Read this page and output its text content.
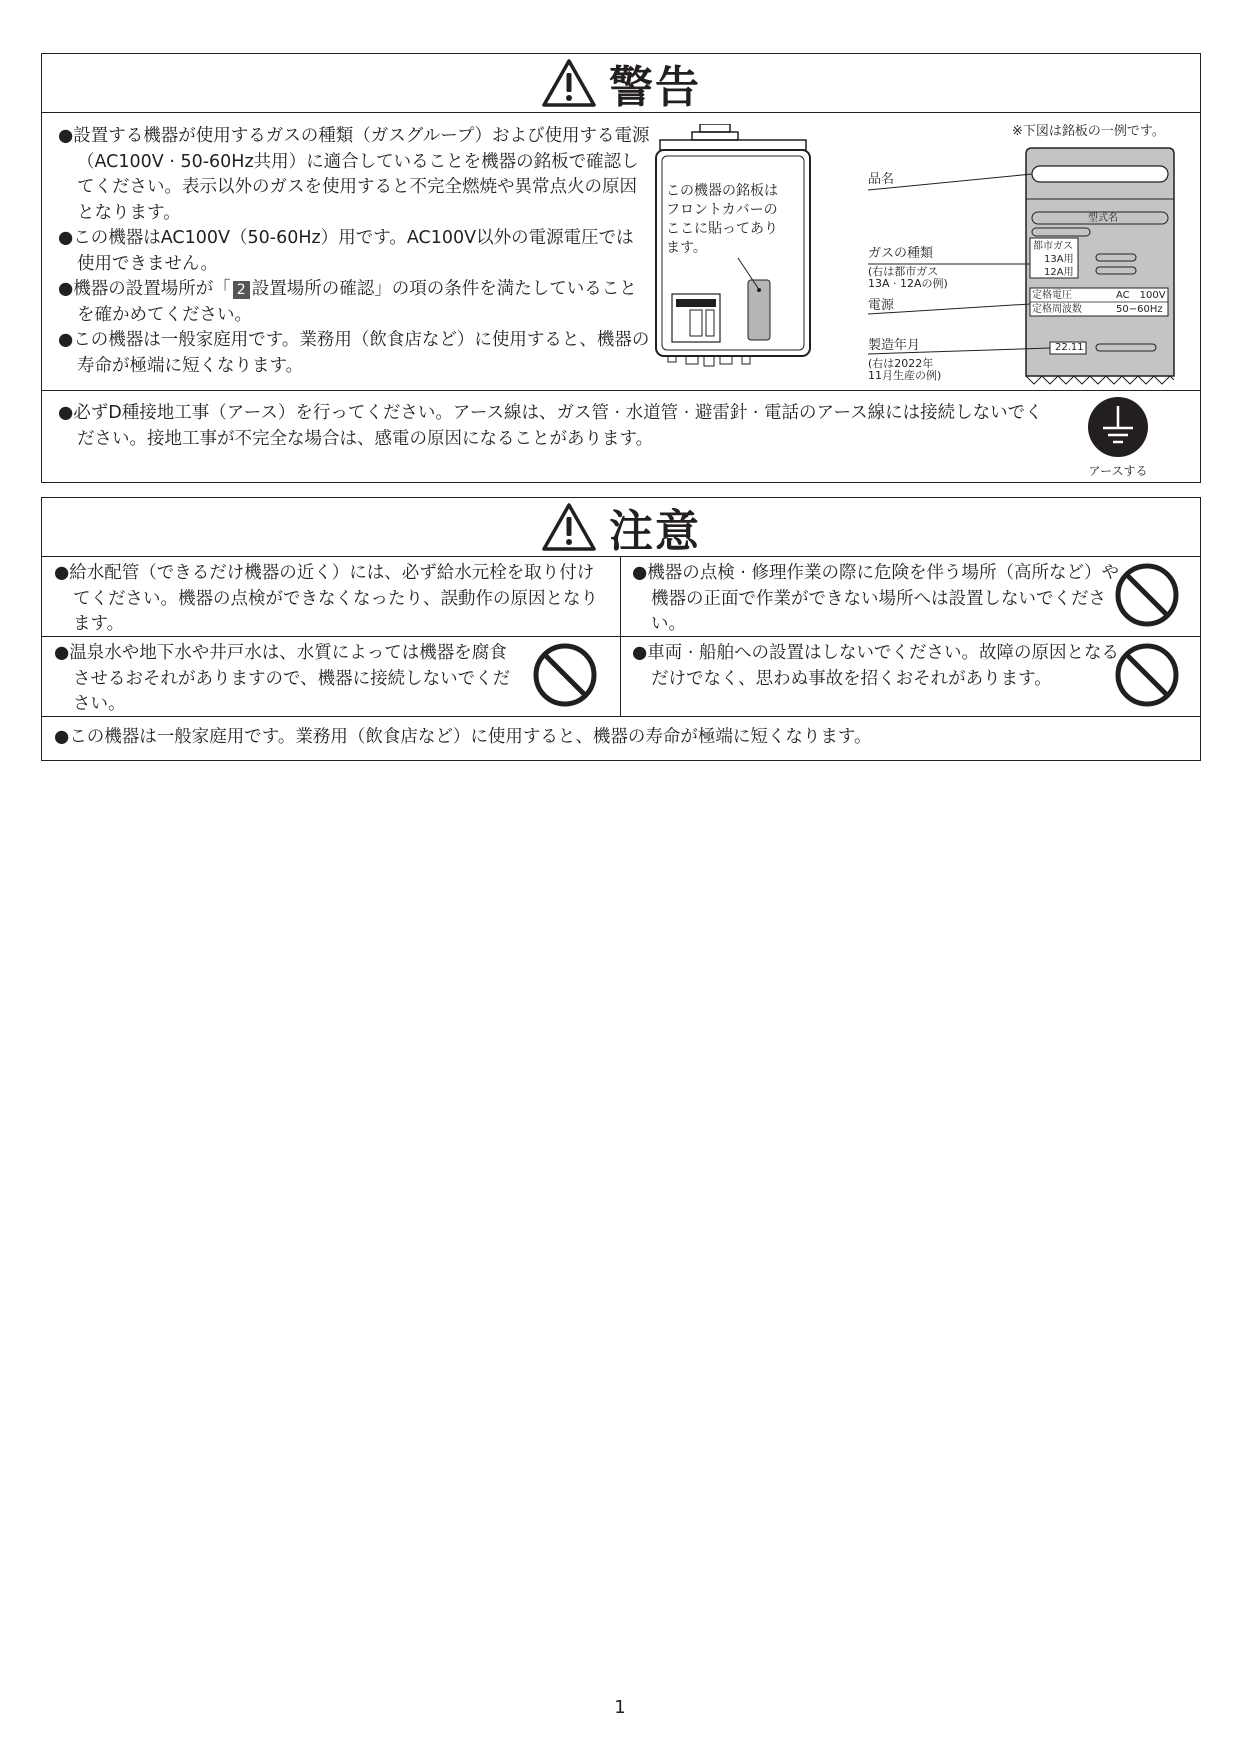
警告
●設置する機器が使用するガスの種類（ガスグループ）および使用する電源（AC100V · 50-60Hz共用）に適合していることを機器の銘板で確認してください。表示以外のガスを使用すると不完全燃焼や異常点火の原因となります。
●この機器はAC100V（50-60Hz）用です。AC100V以外の電源電圧では使用できません。
●機器の設置場所が「 2 設置場所の確認」の項の条件を満たしていることを確かめてください。
●この機器は一般家庭用です。業務用（飲食店など）に使用すると、機器の寿命が極端に短くなります。
この機器の銘板はフロントカバーのここに貼ってあります。
※下図は銘板の一例です。
品名
ガスの種類
(右は都市ガス
13A · 12Aの例)
電源
製造年月
(右は2022年
11月生産の例)
型式名
都市ガス
13A用
12A用
定格電圧	AC　100V
定格周波数	50−60Hz
22.11
●必ずD種接地工事（アース）を行ってください。アース線は、ガス管 · 水道管 · 避雷針 · 電話のアース線には接続しないでください。接地工事が不完全な場合は、感電の原因になることがあります。
アースする
注意
●給水配管（できるだけ機器の近く）には、必ず給水元栓を取り付けてください。機器の点検ができなくなったり、誤動作の原因となります。
●機器の点検 · 修理作業の際に危険を伴う場所（高所など）や機器の正面で作業ができない場所へは設置しないでください。
●温泉水や地下水や井戸水は、水質によっては機器を腐食させるおそれがありますので、機器に接続しないでください。
●車両 · 船舶への設置はしないでください。故障の原因となるだけでなく、思わぬ事故を招くおそれがあります。
●この機器は一般家庭用です。業務用（飲食店など）に使用すると、機器の寿命が極端に短くなります。
1
